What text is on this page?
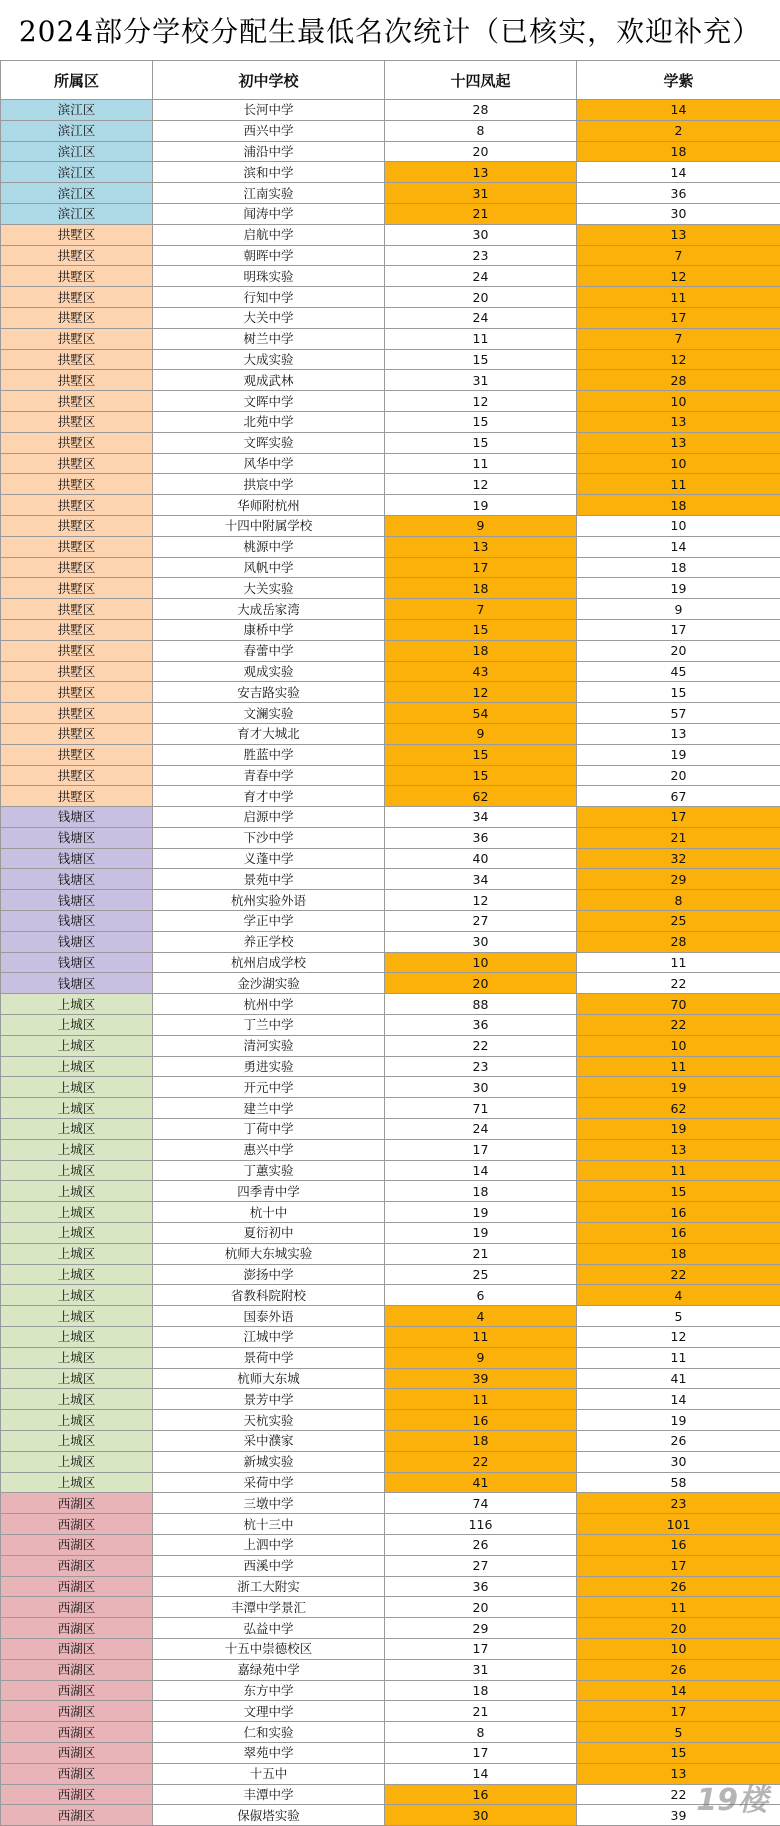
2024部分学校分配生最低名次统计（已核实，欢迎补充）
所属区	初中学校	十四凤起	学紫
滨江区	长河中学	28	14
滨江区	西兴中学	8	2
滨江区	浦沿中学	20	18
滨江区	滨和中学	13	14
滨江区	江南实验	31	36
滨江区	闻涛中学	21	30
拱墅区	启航中学	30	13
拱墅区	朝晖中学	23	7
拱墅区	明珠实验	24	12
拱墅区	行知中学	20	11
拱墅区	大关中学	24	17
拱墅区	树兰中学	11	7
拱墅区	大成实验	15	12
拱墅区	观成武林	31	28
拱墅区	文晖中学	12	10
拱墅区	北苑中学	15	13
拱墅区	文晖实验	15	13
拱墅区	风华中学	11	10
拱墅区	拱宸中学	12	11
拱墅区	华师附杭州	19	18
拱墅区	十四中附属学校	9	10
拱墅区	桃源中学	13	14
拱墅区	风帆中学	17	18
拱墅区	大关实验	18	19
拱墅区	大成岳家湾	7	9
拱墅区	康桥中学	15	17
拱墅区	春蕾中学	18	20
拱墅区	观成实验	43	45
拱墅区	安吉路实验	12	15
拱墅区	文澜实验	54	57
拱墅区	育才大城北	9	13
拱墅区	胜蓝中学	15	19
拱墅区	青春中学	15	20
拱墅区	育才中学	62	67
钱塘区	启源中学	34	17
钱塘区	下沙中学	36	21
钱塘区	义蓬中学	40	32
钱塘区	景苑中学	34	29
钱塘区	杭州实验外语	12	8
钱塘区	学正中学	27	25
钱塘区	养正学校	30	28
钱塘区	杭州启成学校	10	11
钱塘区	金沙湖实验	20	22
上城区	杭州中学	88	70
上城区	丁兰中学	36	22
上城区	清河实验	22	10
上城区	勇进实验	23	11
上城区	开元中学	30	19
上城区	建兰中学	71	62
上城区	丁荷中学	24	19
上城区	惠兴中学	17	13
上城区	丁蕙实验	14	11
上城区	四季青中学	18	15
上城区	杭十中	19	16
上城区	夏衍初中	19	16
上城区	杭师大东城实验	21	18
上城区	澎扬中学	25	22
上城区	省教科院附校	6	4
上城区	国泰外语	4	5
上城区	江城中学	11	12
上城区	景荷中学	9	11
上城区	杭师大东城	39	41
上城区	景芳中学	11	14
上城区	天杭实验	16	19
上城区	采中濮家	18	26
上城区	新城实验	22	30
上城区	采荷中学	41	58
西湖区	三墩中学	74	23
西湖区	杭十三中	116	101
西湖区	上泗中学	26	16
西湖区	西溪中学	27	17
西湖区	浙工大附实	36	26
西湖区	丰潭中学景汇	20	11
西湖区	弘益中学	29	20
西湖区	十五中崇德校区	17	10
西湖区	嘉绿苑中学	31	26
西湖区	东方中学	18	14
西湖区	文理中学	21	17
西湖区	仁和实验	8	5
西湖区	翠苑中学	17	15
西湖区	十五中	14	13
西湖区	丰潭中学	16	22
西湖区	保俶塔实验	30	39 19楼
